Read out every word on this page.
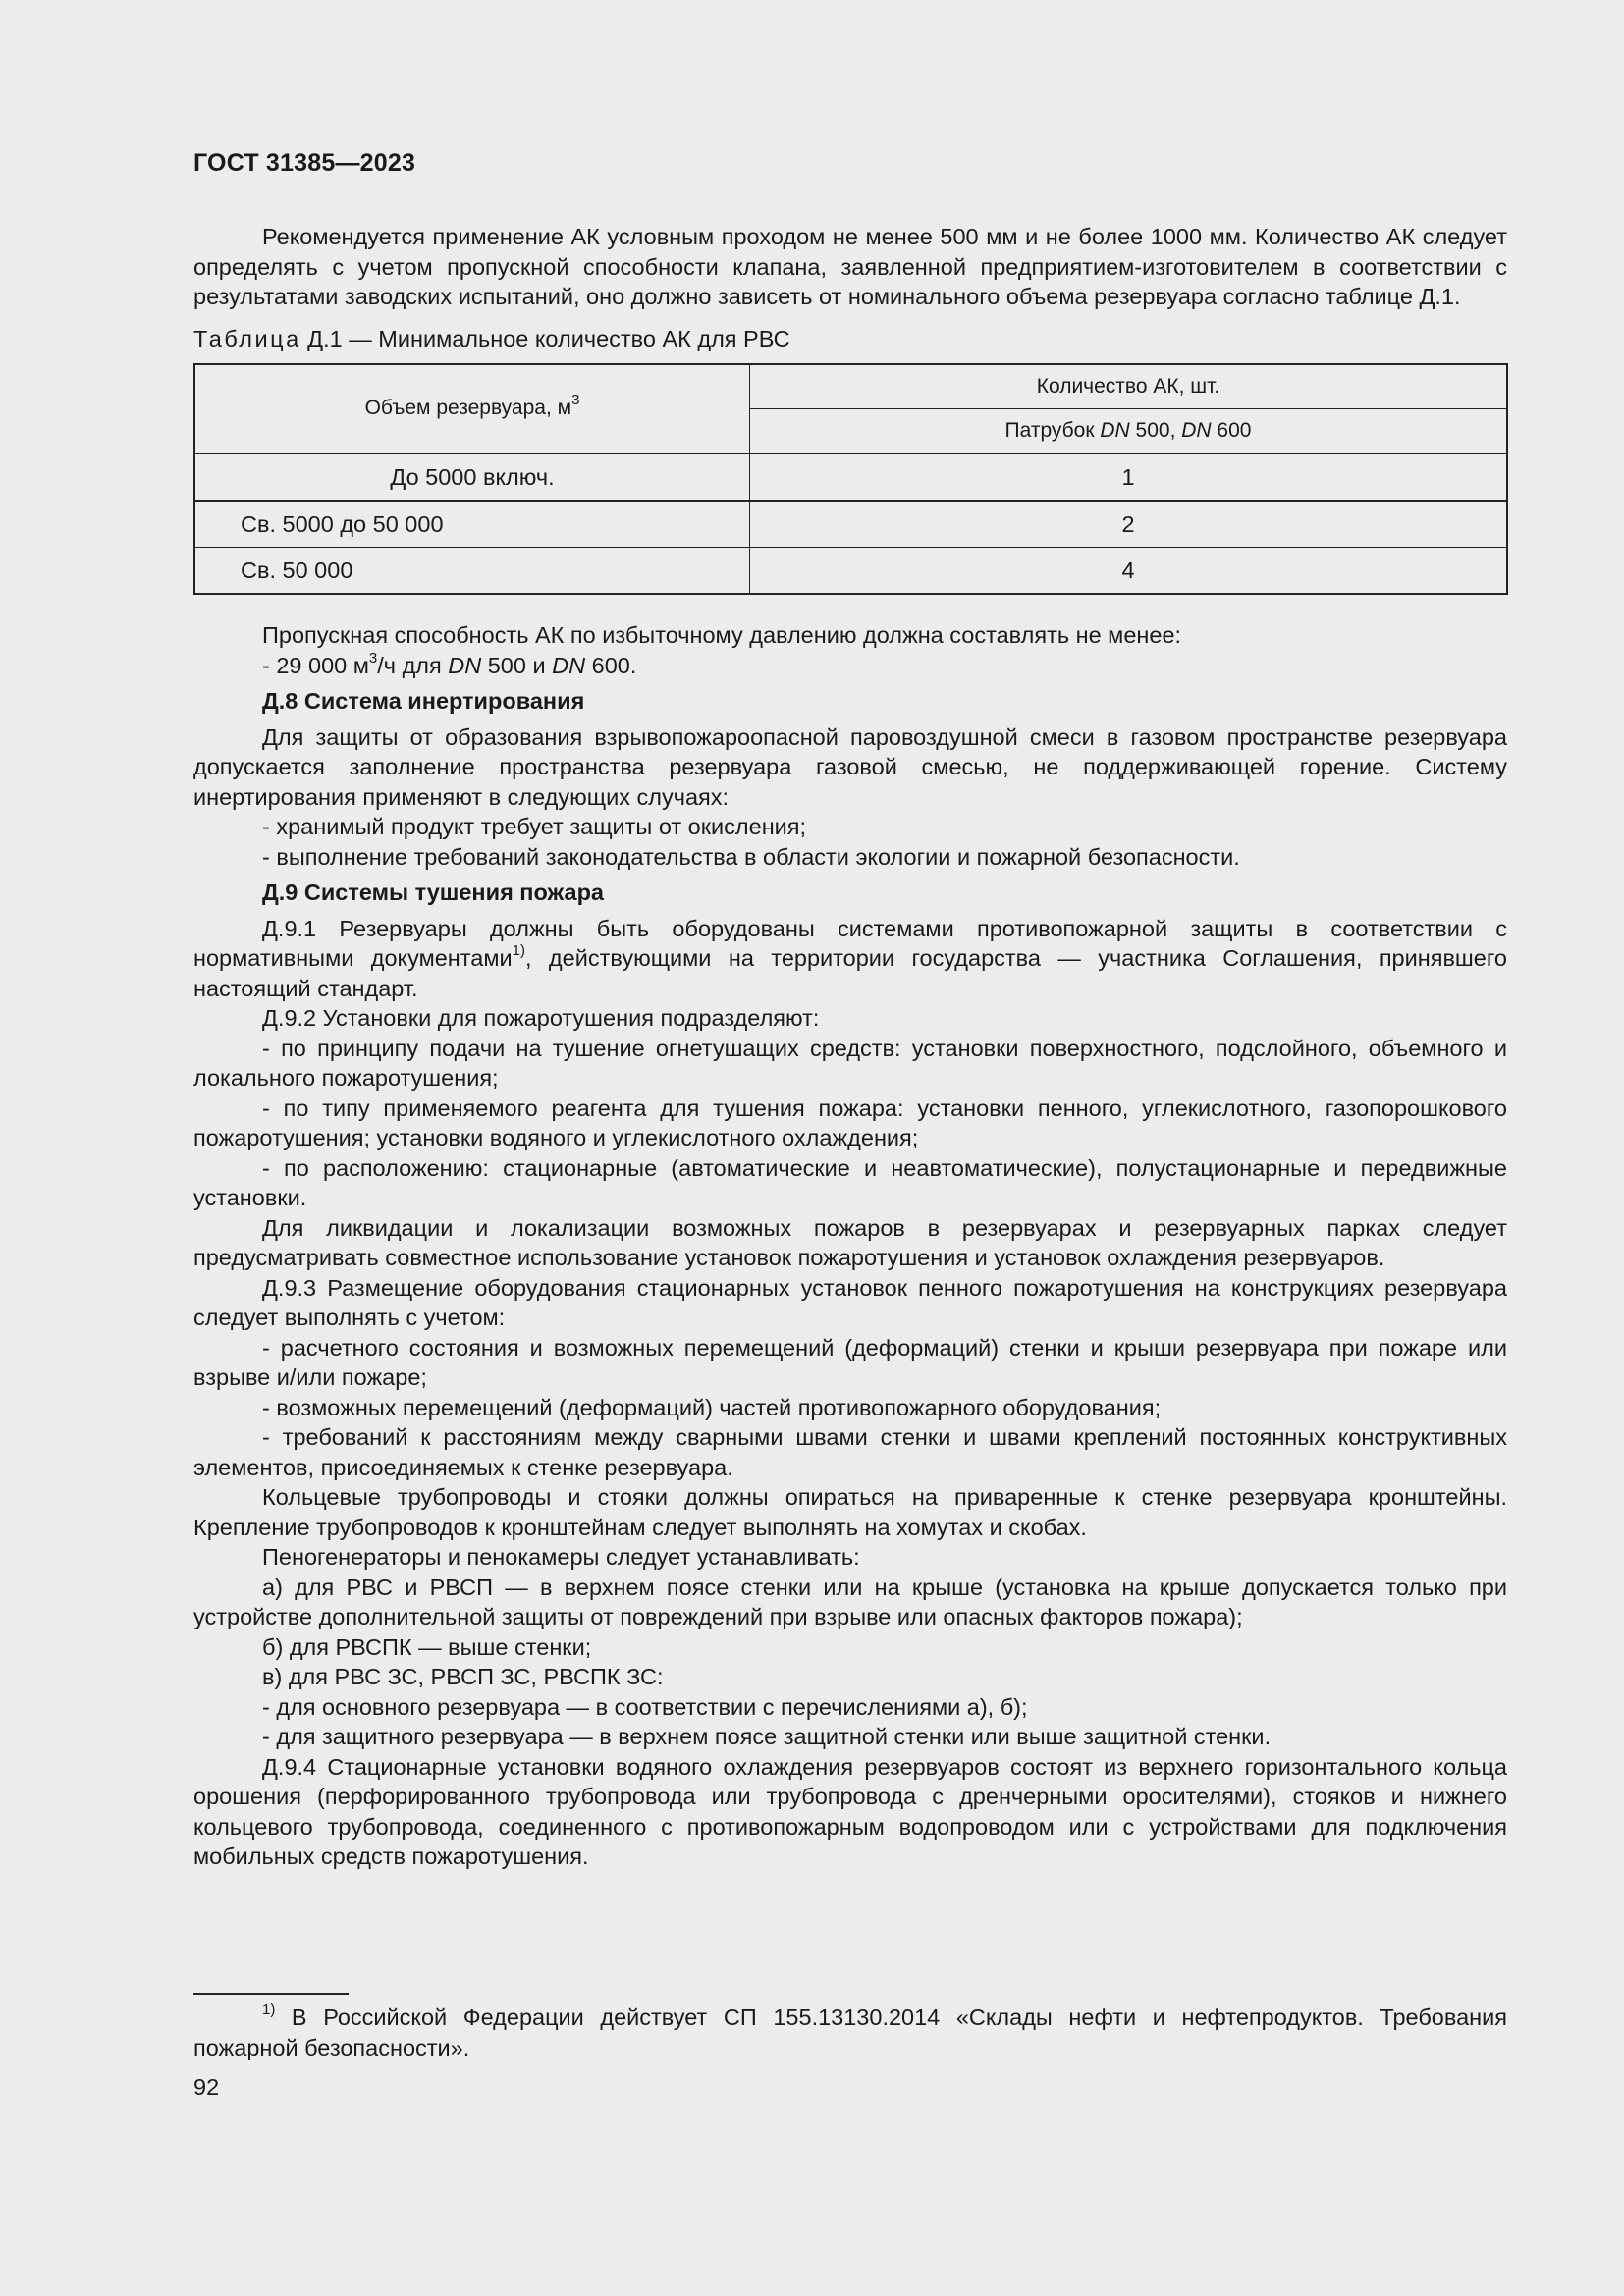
ГОСТ 31385—2023

Рекомендуется применение АК условным проходом не менее 500 мм и не более 1000 мм. Количество АК следует определять с учетом пропускной способности клапана, заявленной предприятием-изготовителем в соответствии с результатами заводских испытаний, оно должно зависеть от номинального объема резервуара согласно таблице Д.1.

Таблица Д.1 — Минимальное количество АК для РВС

Объем резервуара, $м^3$	Количество АК, шт.
	Патрубок DN 500, DN 600
До 5000 включ.	1
Св. 5000 до 50 000	2
Св. 50 000	4

Пропускная способность АК по избыточному давлению должна составлять не менее:

- 29 000 $м^3/ч$ для DN 500 и DN 600.

Д.8 Система инертирования

Для защиты от образования взрывопожароопасной паровоздушной смеси в газовом пространстве резервуара допускается заполнение пространства резервуара газовой смесью, не поддерживающей горение. Систему инертирования применяют в следующих случаях:

- хранимый продукт требует защиты от окисления;

- выполнение требований законодательства в области экологии и пожарной безопасности.

Д.9 Системы тушения пожара

Д.9.1 Резервуары должны быть оборудованы системами противопожарной защиты в соответствии с нормативными документами$^{1)}$, действующими на территории государства — участника Соглашения, принявшего настоящий стандарт.

Д.9.2 Установки для пожаротушения подразделяют:

- по принципу подачи на тушение огнетушащих средств: установки поверхностного, подслойного, объемного и локального пожаротушения;

- по типу применяемого реагента для тушения пожара: установки пенного, углекислотного, газопорошкового пожаротушения; установки водяного и углекислотного охлаждения;

- по расположению: стационарные (автоматические и неавтоматические), полустационарные и передвижные установки.

Для ликвидации и локализации возможных пожаров в резервуарах и резервуарных парках следует предусматривать совместное использование установок пожаротушения и установок охлаждения резервуаров.

Д.9.3 Размещение оборудования стационарных установок пенного пожаротушения на конструкциях резервуара следует выполнять с учетом:

- расчетного состояния и возможных перемещений (деформаций) стенки и крыши резервуара при пожаре или взрыве и/или пожаре;

- возможных перемещений (деформаций) частей противопожарного оборудования;

- требований к расстояниям между сварными швами стенки и швами креплений постоянных конструктивных элементов, присоединяемых к стенке резервуара.

Кольцевые трубопроводы и стояки должны опираться на приваренные к стенке резервуара кронштейны. Крепление трубопроводов к кронштейнам следует выполнять на хомутах и скобах.

Пеногенераторы и пенокамеры следует устанавливать:

а) для РВС и РВСП — в верхнем поясе стенки или на крыше (установка на крыше допускается только при устройстве дополнительной защиты от повреждений при взрыве или опасных факторов пожара);

б) для РВСПК — выше стенки;

в) для РВС ЗС, РВСП ЗС, РВСПК ЗС:

- для основного резервуара — в соответствии с перечислениями а), б);

- для защитного резервуара — в верхнем поясе защитной стенки или выше защитной стенки.

Д.9.4 Стационарные установки водяного охлаждения резервуаров состоят из верхнего горизонтального кольца орошения (перфорированного трубопровода или трубопровода с дренчерными оросителями), стояков и нижнего кольцевого трубопровода, соединенного с противопожарным водопроводом или с устройствами для подключения мобильных средств пожаротушения.

$^{1)}$ В Российской Федерации действует СП 155.13130.2014 «Склады нефти и нефтепродуктов. Требования пожарной безопасности».

92
